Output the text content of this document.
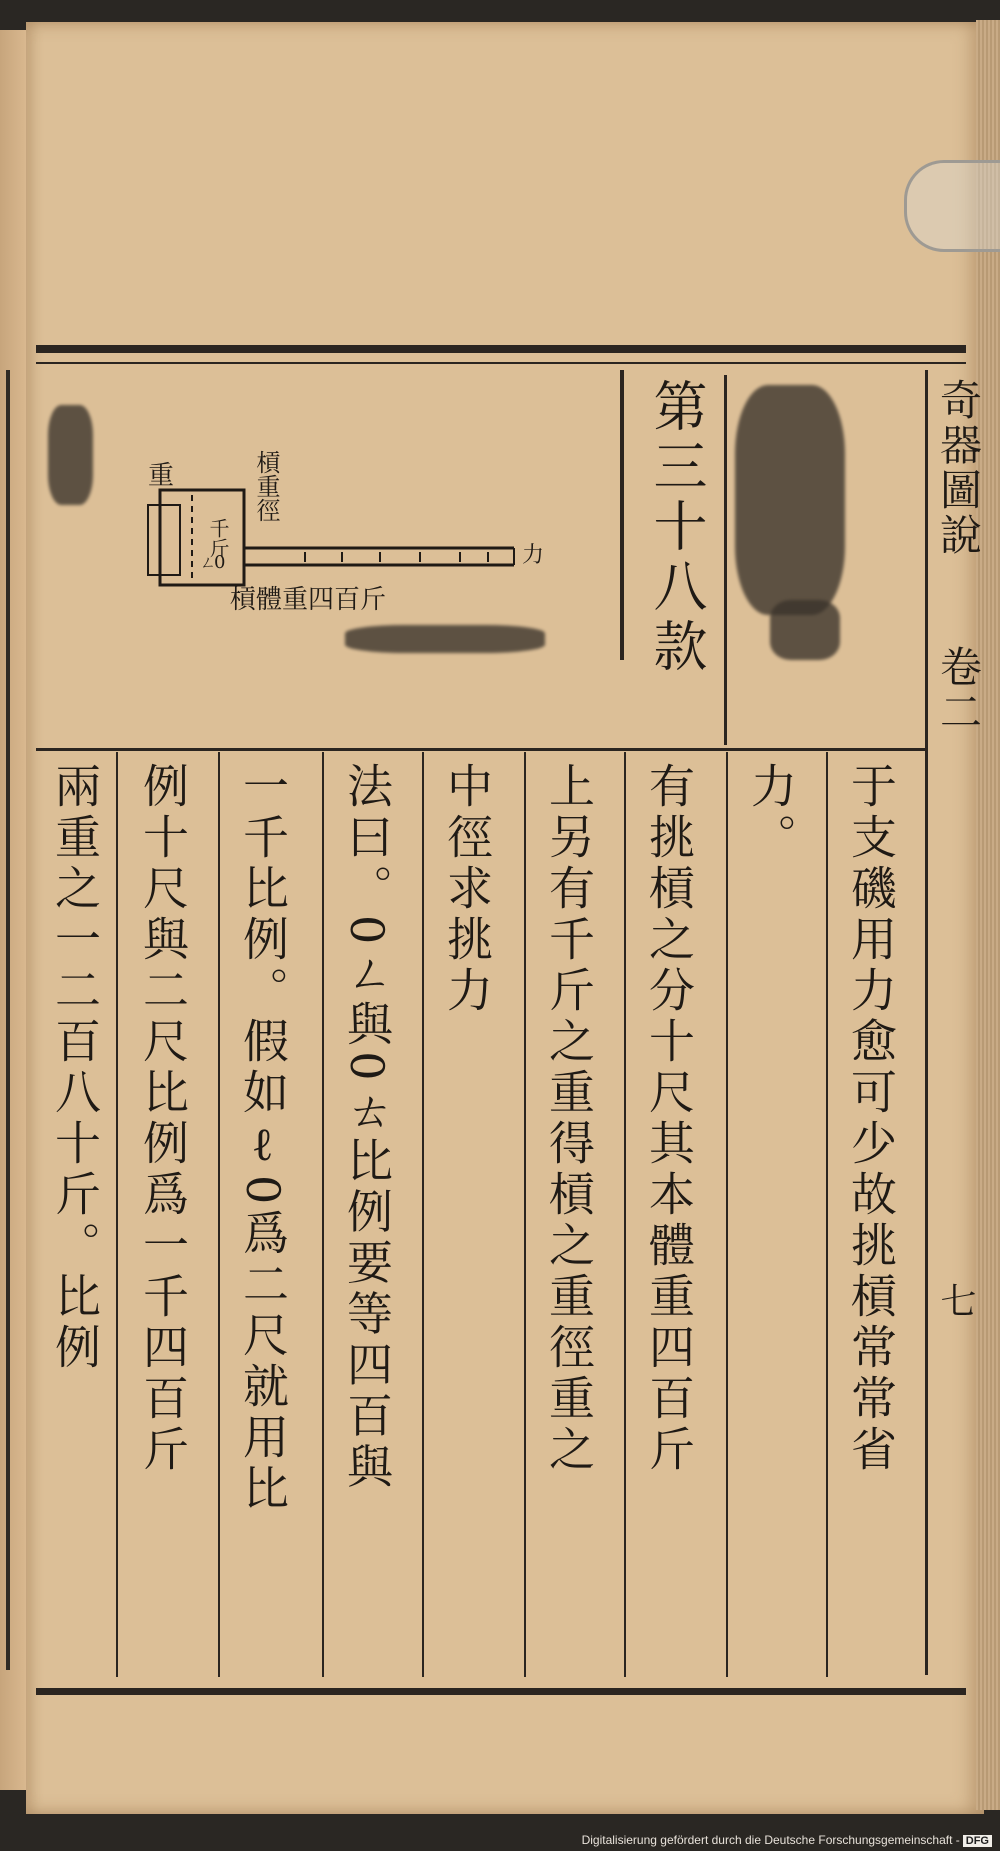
奇器圖說
卷二
七
第三十八款
重
千斤
0
ㄥ
槓重徑
槓體重四百斤
力
于支磯用力愈可少故挑槓常常省
力。
有挑槓之分十尺其本體重四百斤
上另有千斤之重得槓之重徑重之
中徑求挑力
法曰。0ㄥ與0ㄊ比例要等四百與
一千比例。假如ℓ0爲二尺就用比
例十尺與二尺比例爲一千四百斤
兩重之一二百八十斤。比例
Digitalisierung gefördert durch die Deutsche Forschungsgemeinschaft - DFG
